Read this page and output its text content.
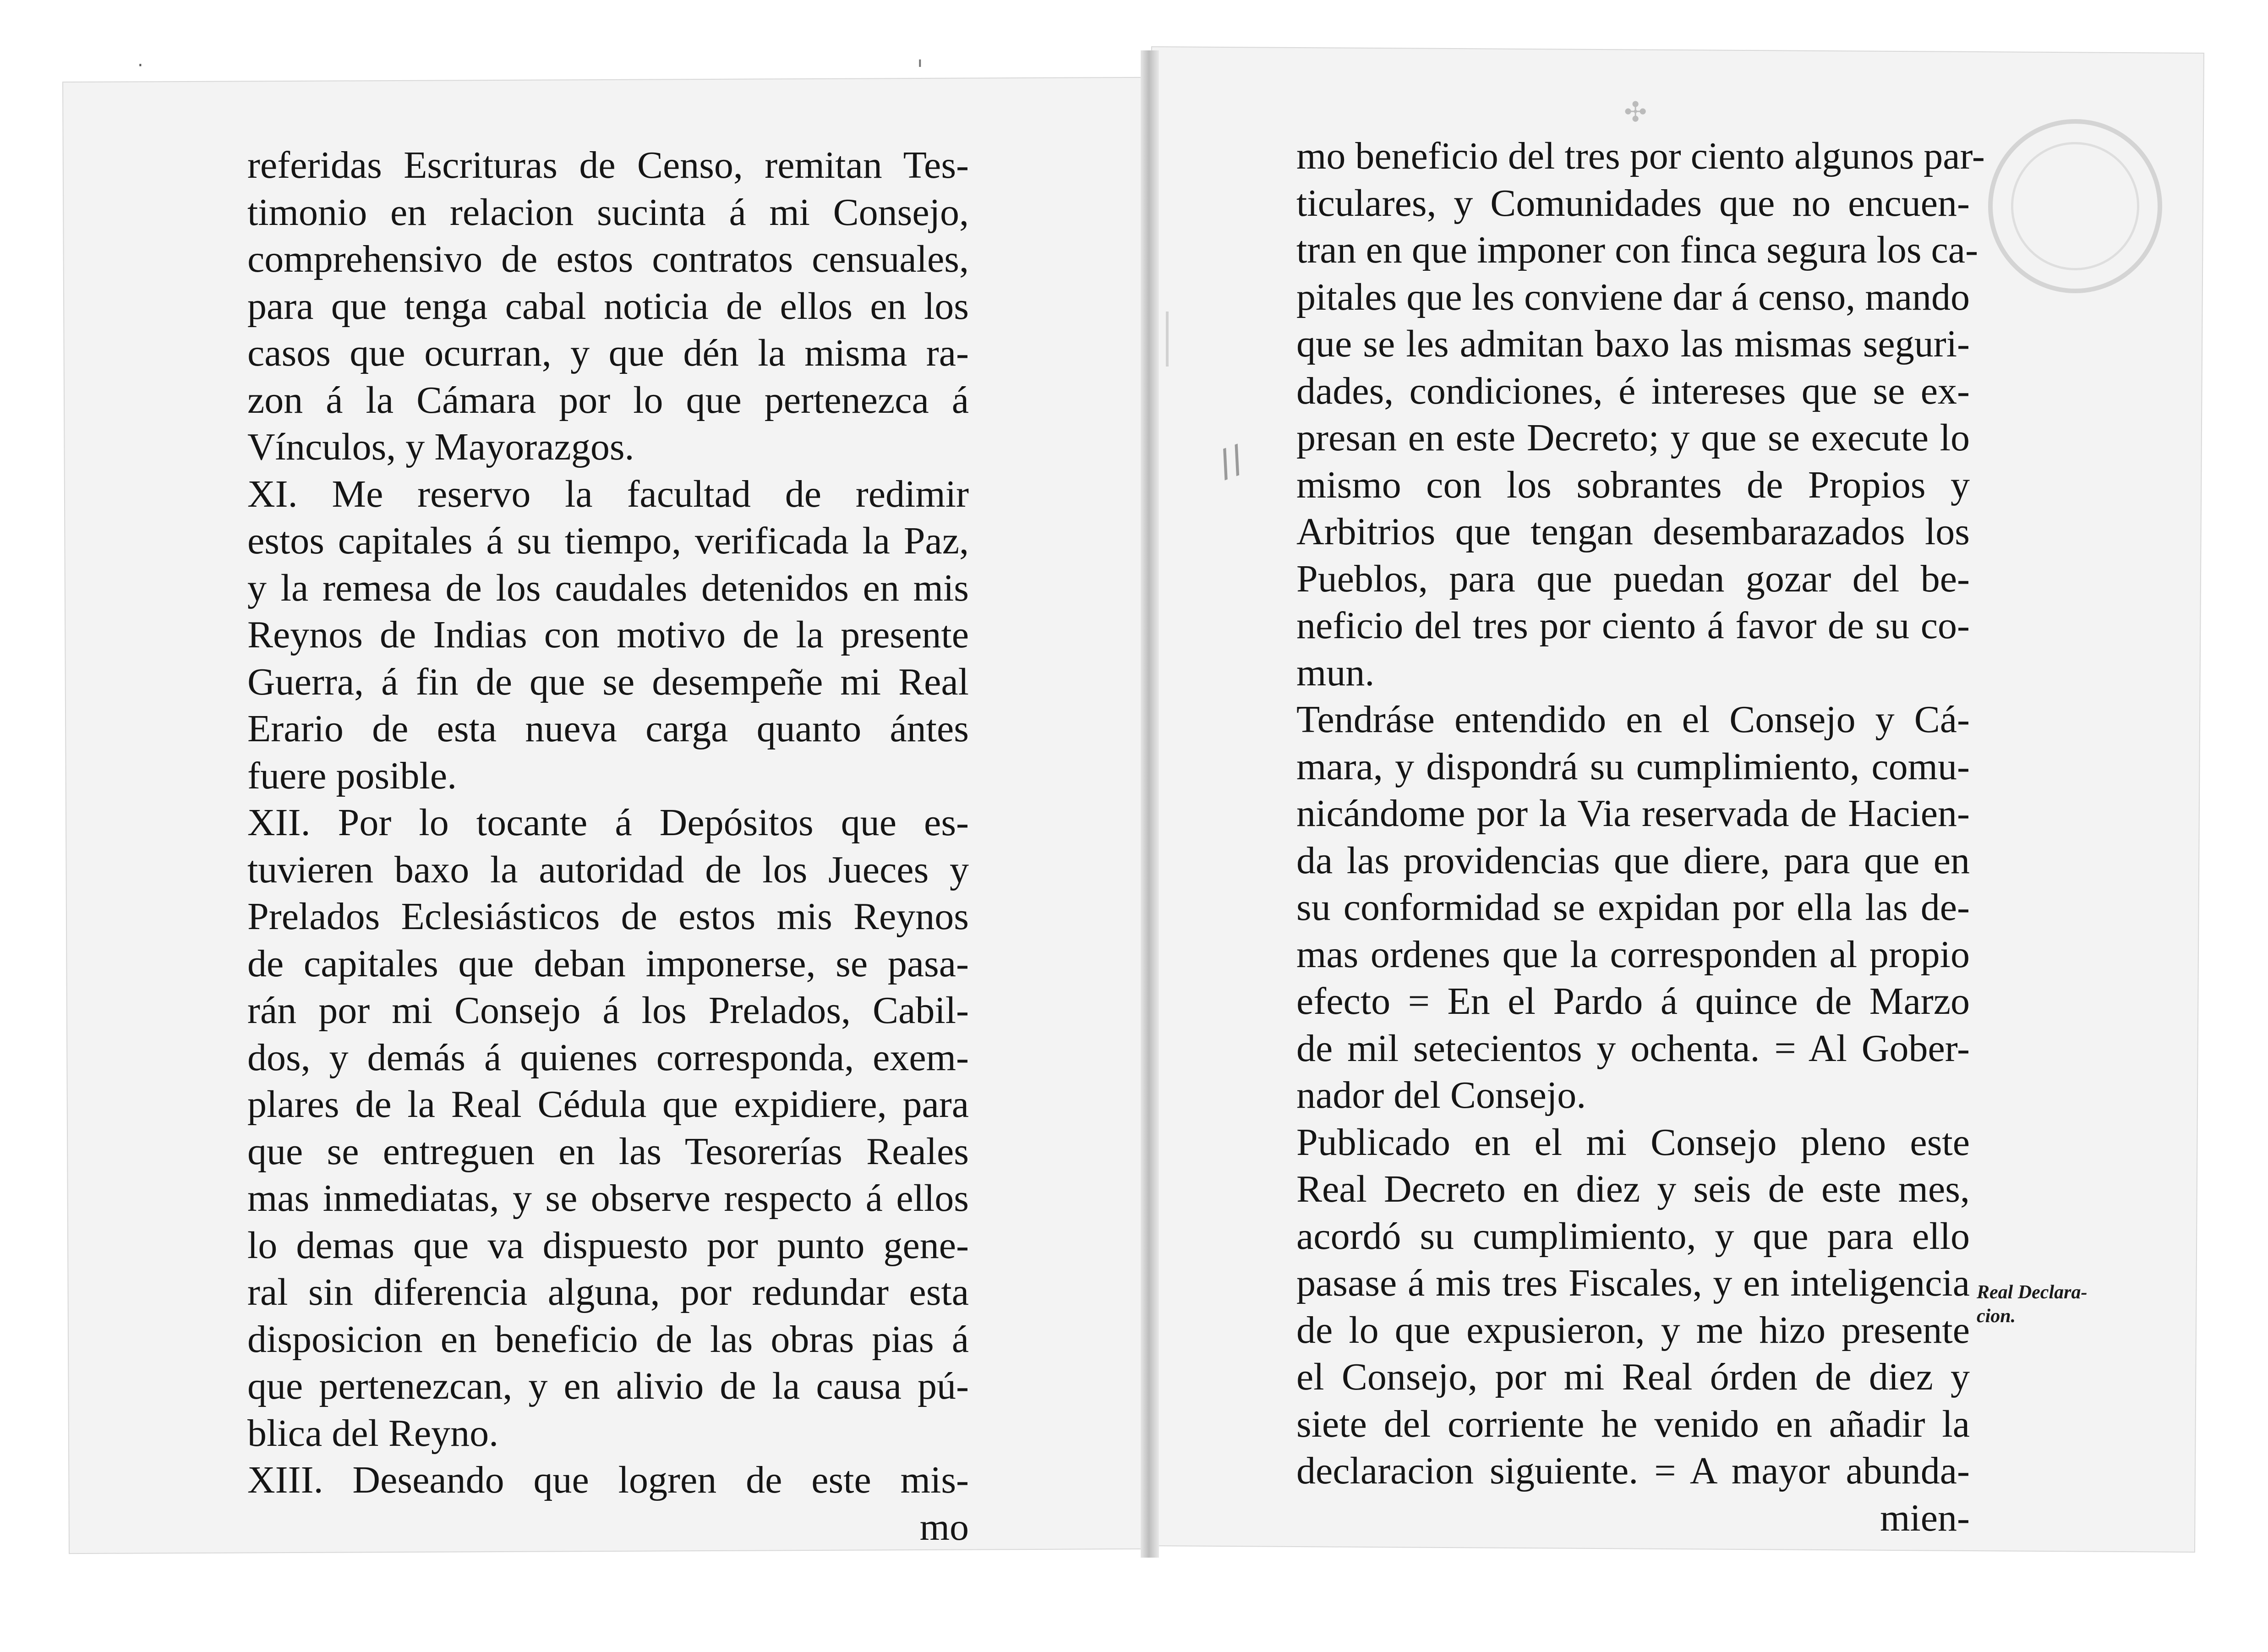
//
✣
ˈ
·
referidas Escrituras de Censo, remitan Tes-
timonio en relacion sucinta á mi Consejo,
comprehensivo de estos contratos censuales,
para que tenga cabal noticia de ellos en los
casos que ocurran, y que dén la misma ra-
zon á la Cámara por lo que pertenezca á
Vínculos, y Mayorazgos.
XI. Me reservo la facultad de redimir
estos capitales á su tiempo, verificada la Paz,
y la remesa de los caudales detenidos en mis
Reynos de Indias con motivo de la presente
Guerra, á fin de que se desempeñe mi Real
Erario de esta nueva carga quanto ántes
fuere posible.
XII. Por lo tocante á Depósitos que es-
tuvieren baxo la autoridad de los Jueces y
Prelados Eclesiásticos de estos mis Reynos
de capitales que deban imponerse, se pasa-
rán por mi Consejo á los Prelados, Cabil-
dos, y demás á quienes corresponda, exem-
plares de la Real Cédula que expidiere, para
que se entreguen en las Tesorerías Reales
mas inmediatas, y se observe respecto á ellos
lo demas que va dispuesto por punto gene-
ral sin diferencia alguna, por redundar esta
disposicion en beneficio de las obras pias á
que pertenezcan, y en alivio de la causa pú-
blica del Reyno.
XIII. Deseando que logren de este mis-
mo
mo beneficio del tres por ciento algunos par-
ticulares, y Comunidades que no encuen-
tran en que imponer con finca segura los ca-
pitales que les conviene dar á censo, mando
que se les admitan baxo las mismas seguri-
dades, condiciones, é intereses que se ex-
presan en este Decreto; y que se execute lo
mismo con los sobrantes de Propios y
Arbitrios que tengan desembarazados los
Pueblos, para que puedan gozar del be-
neficio del tres por ciento á favor de su co-
mun.
Tendráse entendido en el Consejo y Cá-
mara, y dispondrá su cumplimiento, comu-
nicándome por la Via reservada de Hacien-
da las providencias que diere, para que en
su conformidad se expidan por ella las de-
mas ordenes que la corresponden al propio
efecto = En el Pardo á quince de Marzo
de mil setecientos y ochenta. = Al Gober-
nador del Consejo.
Publicado en el mi Consejo pleno este
Real Decreto en diez y seis de este mes,
acordó su cumplimiento, y que para ello
pasase á mis tres Fiscales, y en inteligencia
de lo que expusieron, y me hizo presente
el Consejo, por mi Real órden de diez y
siete del corriente he venido en añadir la
declaracion siguiente. = A mayor abunda-
mien-
Real Declara-
cion.
